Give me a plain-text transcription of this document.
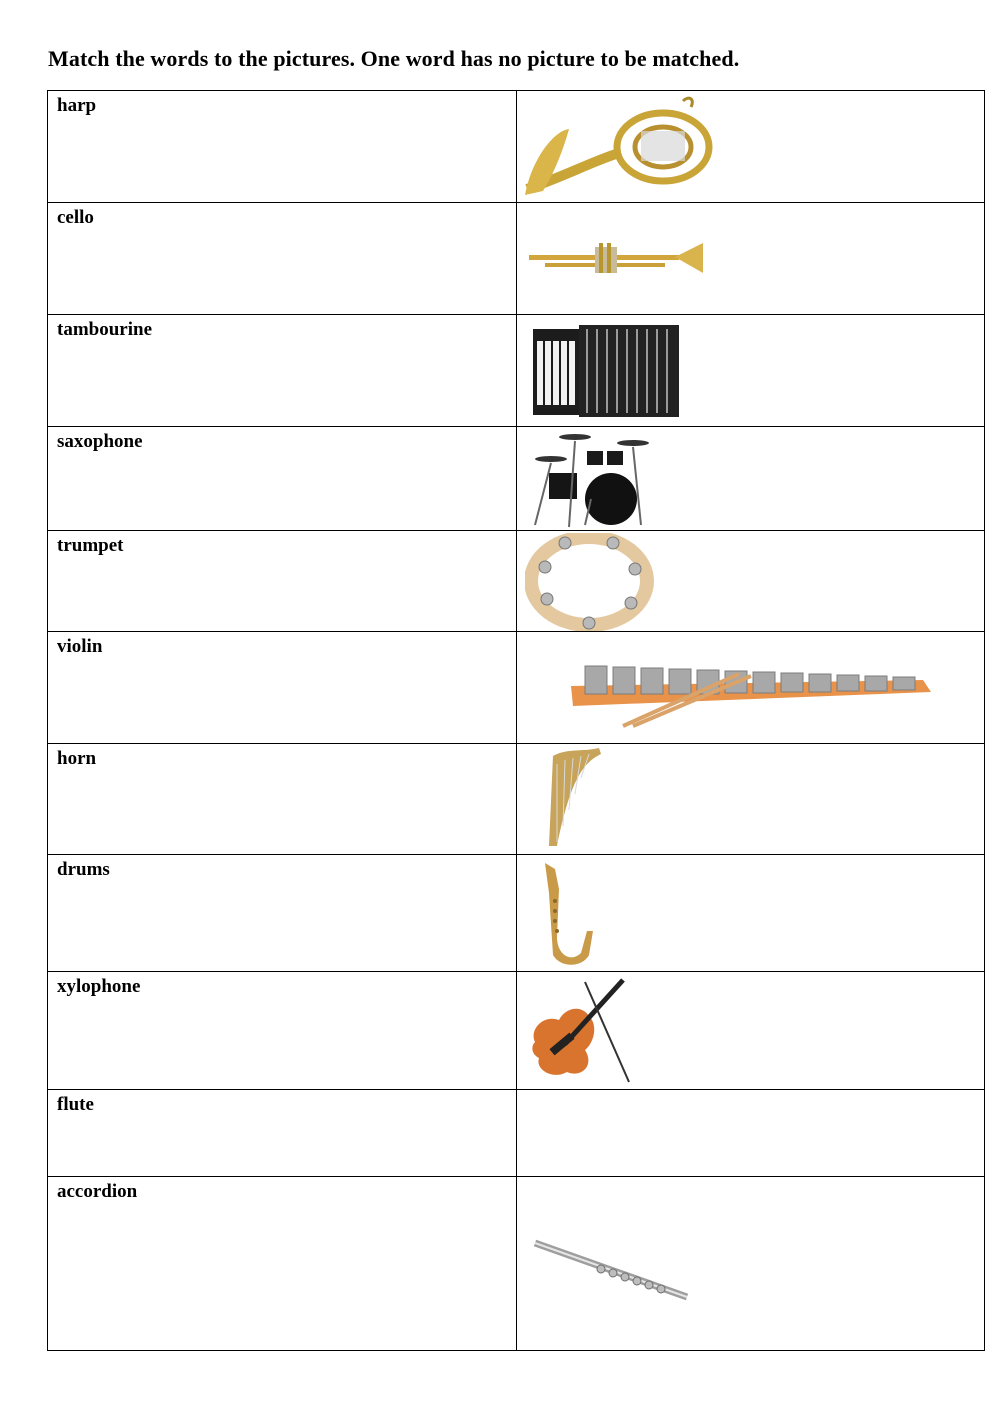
Match the words to the pictures. One word has no picture to be matched.
harp

cello

tambourine

saxophone

trumpet

violin

horn

drums

xylophone

flute	

accordion
